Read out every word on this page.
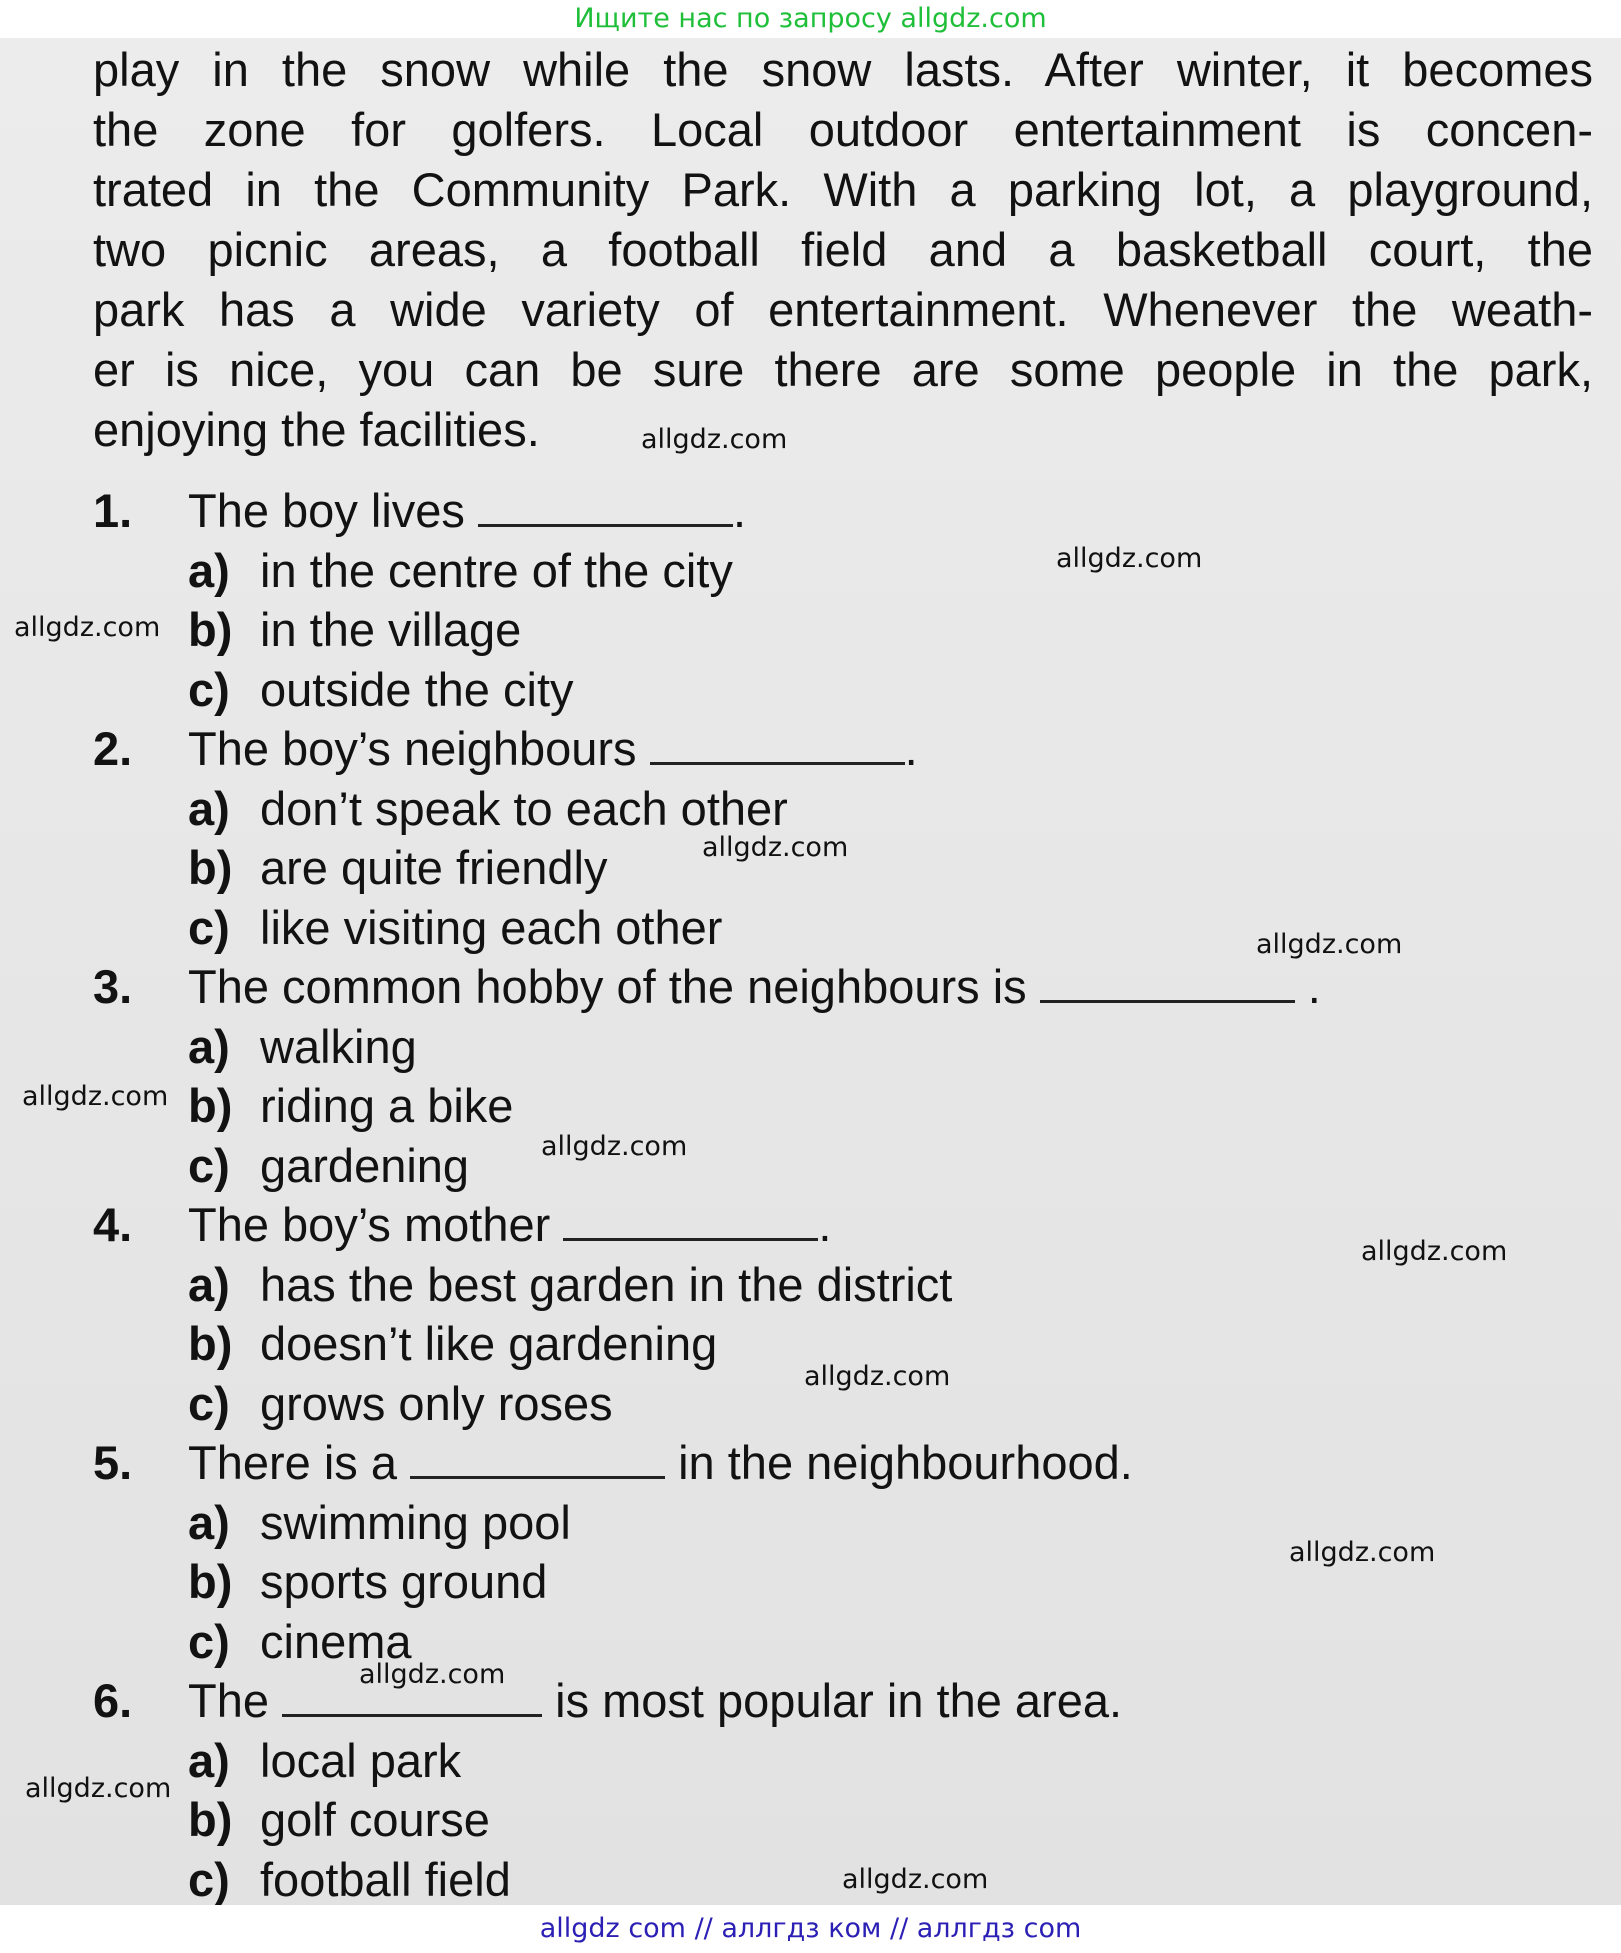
Ищите нас по запросу allgdz.com
play in the snow while the snow lasts. After winter, it becomes
the zone for golfers. Local outdoor entertainment is concen-
trated in the Community Park. With a parking lot, a playground,
two picnic areas, a football field and a basketball court, the
park has a wide variety of entertainment. Whenever the weath-
er is nice, you can be sure there are some people in the park,
enjoying the facilities.
1. The boy lives	.
a) in the centre of the city
b) in the village
c) outside the city
2. The boy’s neighbours	.
a) don’t speak to each other
b) are quite friendly
c) like visiting each other
3. The common hobby of the neighbours is	.
a) walking
b) riding a bike
c) gardening
4. The boy’s mother	.
a) has the best garden in the district
b) doesn’t like gardening
c) grows only roses
5. There is a	in the neighbourhood.
a) swimming pool
b) sports ground
c) cinema
6. The	is most popular in the area.
a) local park
b) golf course
c) football field
allgdz.com
allgdz.com
allgdz.com
allgdz.com
allgdz.com
allgdz.com
allgdz.com
allgdz.com
allgdz.com
allgdz.com
allgdz.com
allgdz.com
allgdz.com
allgdz com // аллгдз ком // аллгдз com
